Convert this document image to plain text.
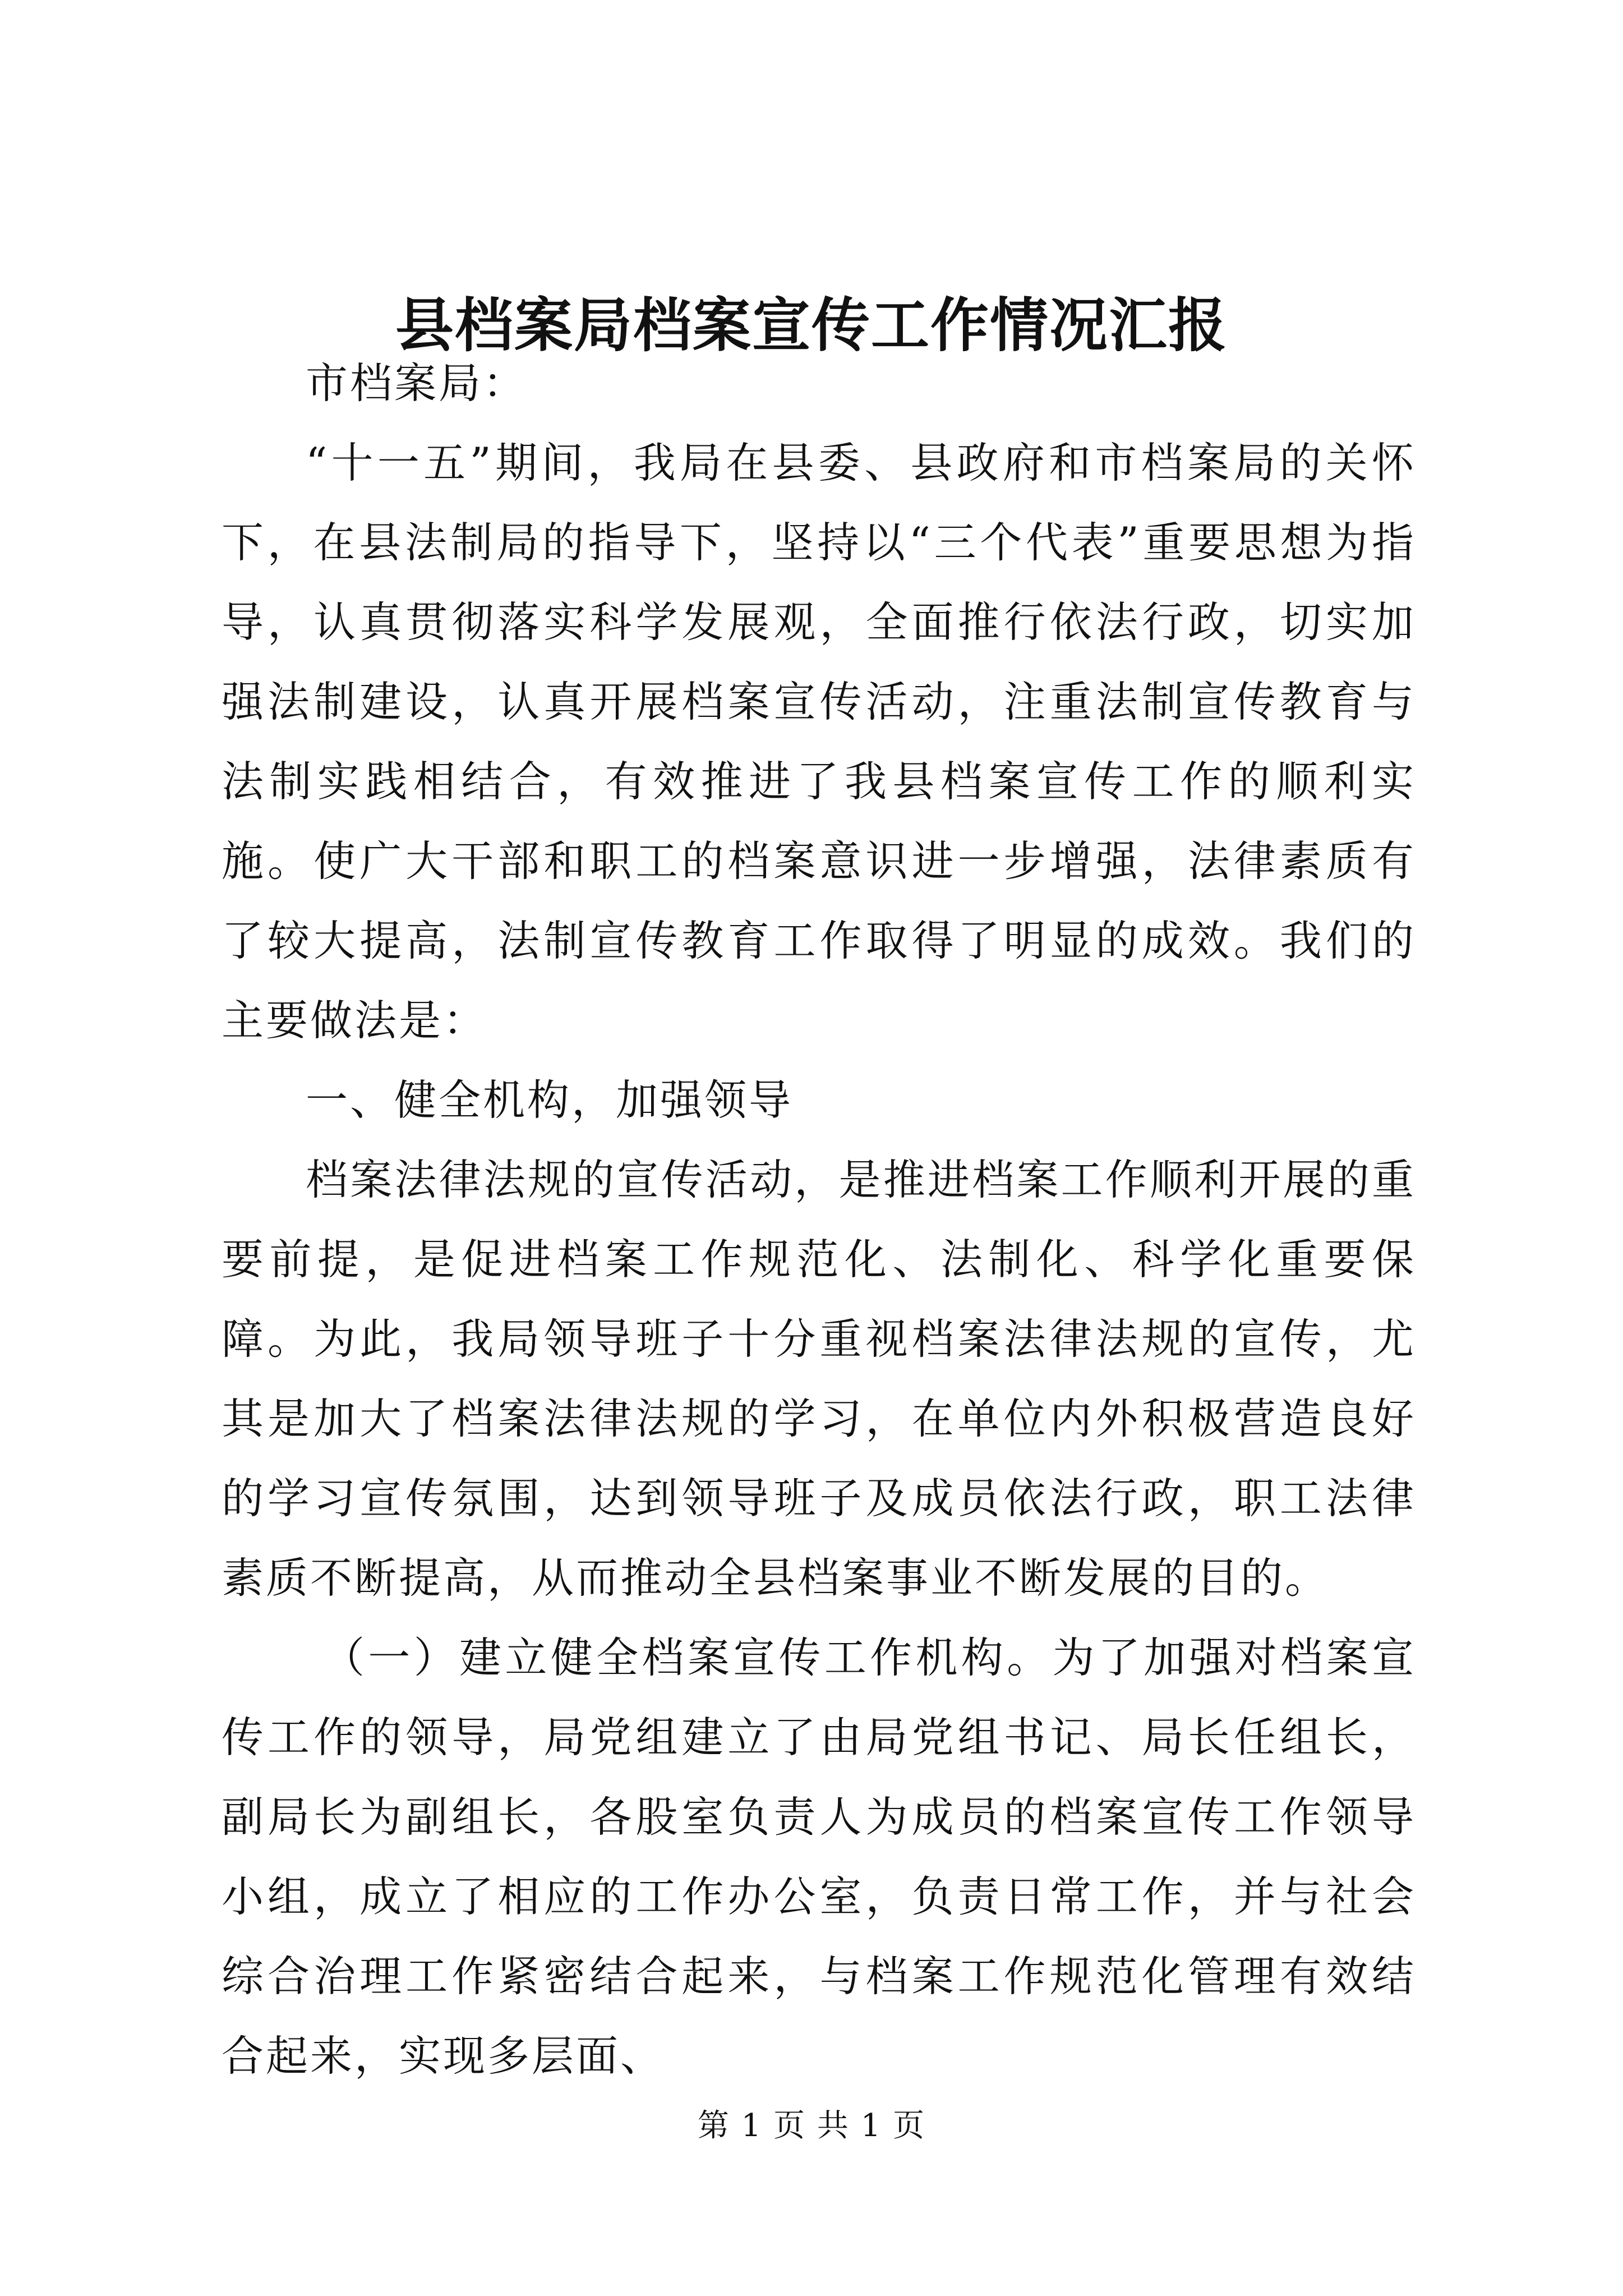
县档案局档案宣传工作情况汇报

市档案局：

“十一五”期间，我局在县委、县政府和市档案局的关怀下，在县法制局的指导下，坚持以“三个代表”重要思想为指导，认真贯彻落实科学发展观，全面推行依法行政，切实加强法制建设，认真开展档案宣传活动，注重法制宣传教育与法制实践相结合，有效推进了我县档案宣传工作的顺利实施。使广大干部和职工的档案意识进一步增强，法律素质有了较大提高，法制宣传教育工作取得了明显的成效。我们的主要做法是：

一、健全机构，加强领导

档案法律法规的宣传活动，是推进档案工作顺利开展的重要前提，是促进档案工作规范化、法制化、科学化重要保障。为此，我局领导班子十分重视档案法律法规的宣传，尤其是加大了档案法律法规的学习，在单位内外积极营造良好的学习宣传氛围，达到领导班子及成员依法行政，职工法律素质不断提高，从而推动全县档案事业不断发展的目的。

（一）建立健全档案宣传工作机构。为了加强对档案宣传工作的领导，局党组建立了由局党组书记、局长任组长，副局长为副组长，各股室负责人为成员的档案宣传工作领导小组，成立了相应的工作办公室，负责日常工作，并与社会综合治理工作紧密结合起来，与档案工作规范化管理有效结合起来，实现多层面、

第 1 页 共 1 页
